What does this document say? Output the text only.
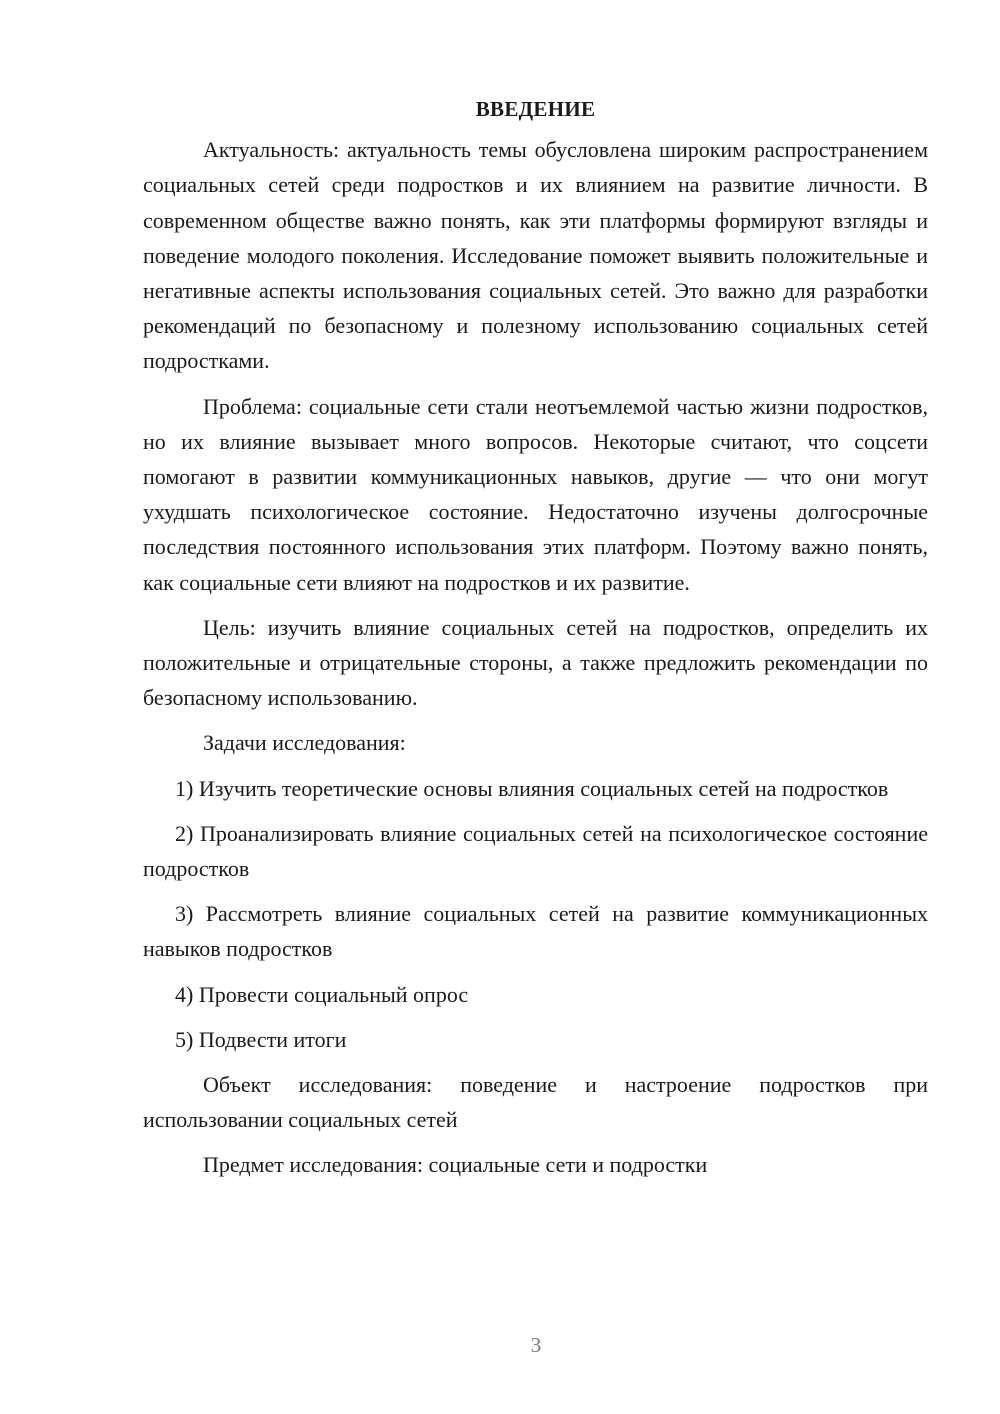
ВВЕДЕНИЕ

Актуальность: актуальность темы обусловлена широким распространением социальных сетей среди подростков и их влиянием на развитие личности. В современном обществе важно понять, как эти платформы формируют взгляды и поведение молодого поколения. Исследование поможет выявить положительные и негативные аспекты использования социальных сетей. Это важно для разработки рекомендаций по безопасному и полезному использованию социальных сетей подростками.

Проблема: социальные сети стали неотъемлемой частью жизни подростков, но их влияние вызывает много вопросов. Некоторые считают, что соцсети помогают в развитии коммуникационных навыков, другие — что они могут ухудшать психологическое состояние. Недостаточно изучены долгосрочные последствия постоянного использования этих платформ. Поэтому важно понять, как социальные сети влияют на подростков и их развитие.

Цель: изучить влияние социальных сетей на подростков, определить их положительные и отрицательные стороны, а также предложить рекомендации по безопасному использованию.

Задачи исследования:

1) Изучить теоретические основы влияния социальных сетей на подростков

2) Проанализировать влияние социальных сетей на психологическое состояние подростков

3) Рассмотреть влияние социальных сетей на развитие коммуникационных навыков подростков

4) Провести социальный опрос

5) Подвести итоги

Объект исследования: поведение и настроение подростков при использовании социальных сетей

Предмет исследования: социальные сети и подростки

3
